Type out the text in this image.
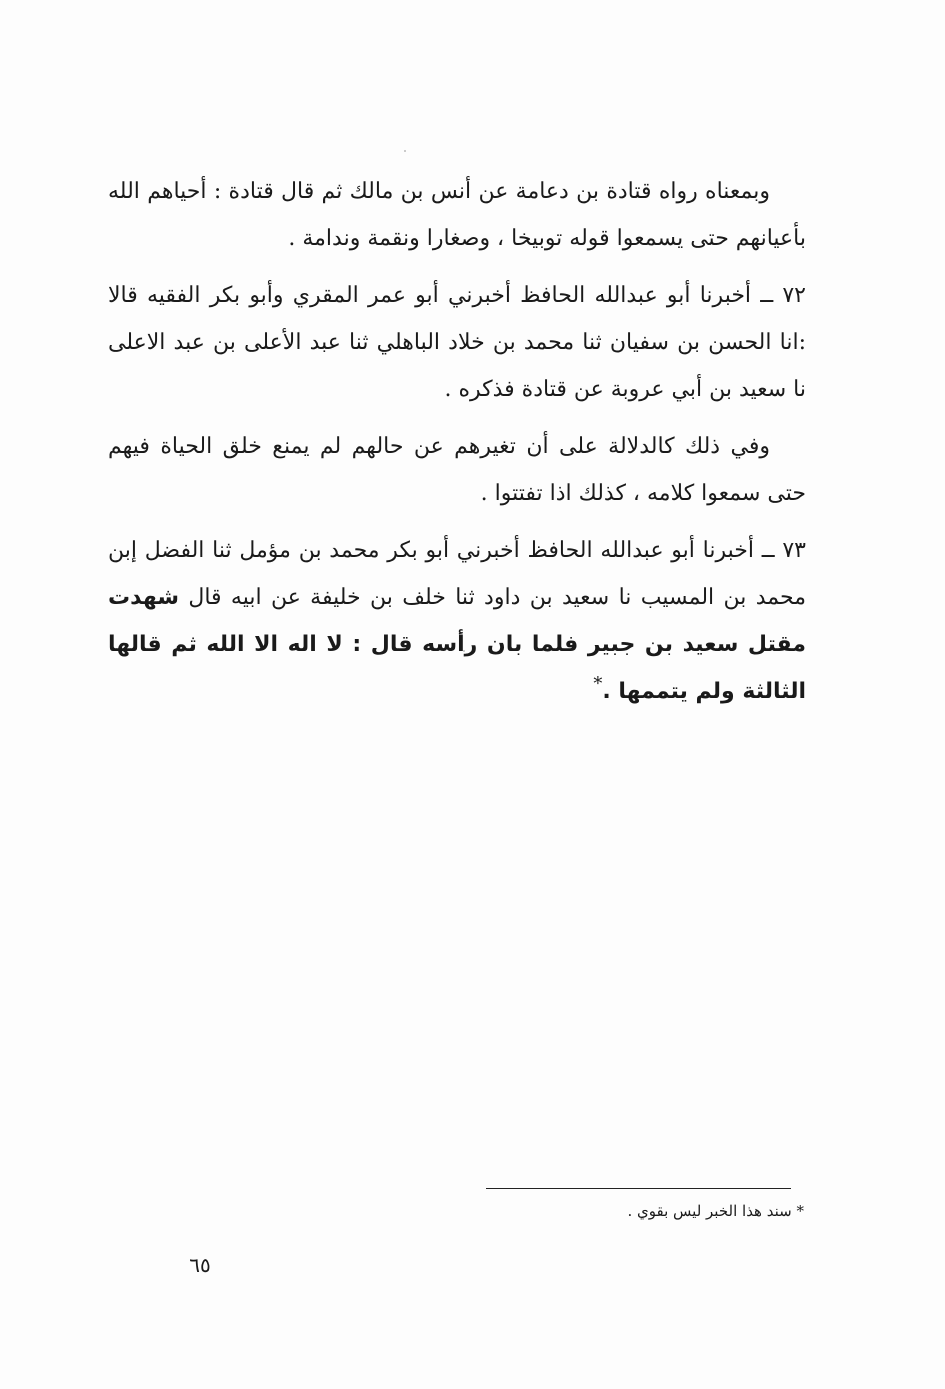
وبمعناه رواه قتادة بن دعامة عن أنس بن مالك ثم قال قتادة : أحياهم الله بأعيانهم حتى يسمعوا قوله توبيخا ، وصغارا ونقمة وندامة .

٧٢ ــ أخبرنا أبو عبدالله الحافظ أخبرني أبو عمر المقري وأبو بكر الفقيه قالا :انا الحسن بن سفيان ثنا محمد بن خلاد الباهلي ثنا عبد الأعلى بن عبد الاعلى نا سعيد بن أبي عروبة عن قتادة فذكره .

وفي ذلك كالدلالة على أن تغيرهم عن حالهم لم يمنع خلق الحياة فيهم حتى سمعوا كلامه ، كذلك اذا تفتتوا .

٧٣ ــ أخبرنا أبو عبدالله الحافظ أخبرني أبو بكر محمد بن مؤمل ثنا الفضل إبن محمد بن المسيب نا سعيد بن داود ثنا خلف بن خليفة عن ابيه قال شهدت مقتل سعيد بن جبير فلما بان رأسه قال : لا اله الا الله ثم قالها الثالثة ولم يتممها .*

* سند هذا الخبر ليس بقوي .
٦٥
